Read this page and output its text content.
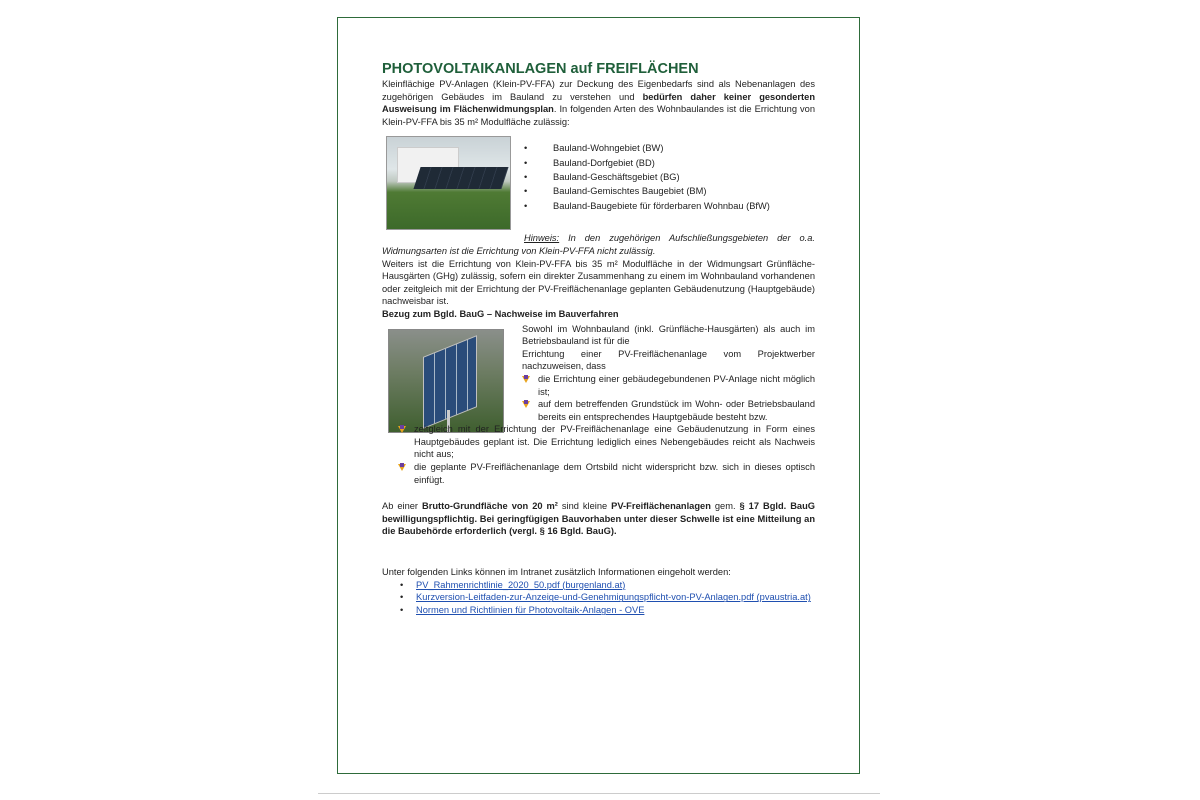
PHOTOVOLTAIKANLAGEN auf FREIFLÄCHEN

Kleinflächige PV-Anlagen (Klein-PV-FFA) zur Deckung des Eigenbedarfs sind als Nebenanlagen des zugehörigen Gebäudes im Bauland zu verstehen und bedürfen daher keiner gesonderten Ausweisung im Flächenwidmungsplan. In folgenden Arten des Wohnbaulandes ist die Errichtung von Klein-PV-FFA bis 35 m² Modulfläche zulässig:

• Bauland-Wohngebiet (BW)
• Bauland-Dorfgebiet (BD)
• Bauland-Geschäftsgebiet (BG)
• Bauland-Gemischtes Baugebiet (BM)
• Bauland-Baugebiete für förderbaren Wohnbau (BfW)

Hinweis: In den zugehörigen Aufschließungsgebieten der o.a. Widmungsarten ist die Errichtung von Klein-PV-FFA nicht zulässig.

Weiters ist die Errichtung von Klein-PV-FFA bis 35 m² Modulfläche in der Widmungsart Grünfläche-Hausgärten (GHg) zulässig, sofern ein direkter Zusammenhang zu einem im Wohnbauland vorhandenen oder zeitgleich mit der Errichtung der PV-Freiflächenanlage geplanten Gebäudenutzung (Hauptgebäude) nachweisbar ist.

Bezug zum Bgld. BauG – Nachweise im Bauverfahren

Sowohl im Wohnbauland (inkl. Grünfläche-Hausgärten) als auch im Betriebsbauland ist für die

Errichtung einer PV-Freiflächenanlage vom Projektwerber nachzuweisen, dass

die Errichtung einer gebäudegebundenen PV-Anlage nicht möglich ist;

auf dem betreffenden Grundstück im Wohn- oder Betriebsbauland bereits ein entsprechendes Hauptgebäude besteht bzw.

zeitgleich mit der Errichtung der PV-Freiflächenanlage eine Gebäudenutzung in Form eines Hauptgebäudes geplant ist. Die Errichtung lediglich eines Nebengebäudes reicht als Nachweis nicht aus;

die geplante PV-Freiflächenanlage dem Ortsbild nicht widerspricht bzw. sich in dieses optisch einfügt.

Ab einer Brutto-Grundfläche von 20 m² sind kleine PV-Freiflächenanlagen gem. § 17 Bgld. BauG bewilligungspflichtig. Bei geringfügigen Bauvorhaben unter dieser Schwelle ist eine Mitteilung an die Baubehörde erforderlich (vergl. § 16 Bgld. BauG).

Unter folgenden Links können im Intranet zusätzlich Informationen eingeholt werden:

• PV_Rahmenrichtlinie_2020_50.pdf (burgenland.at)
• Kurzversion-Leitfaden-zur-Anzeige-und-Genehmigungspflicht-von-PV-Anlagen.pdf (pvaustria.at)
• Normen und Richtlinien für Photovoltaik-Anlagen - OVE
